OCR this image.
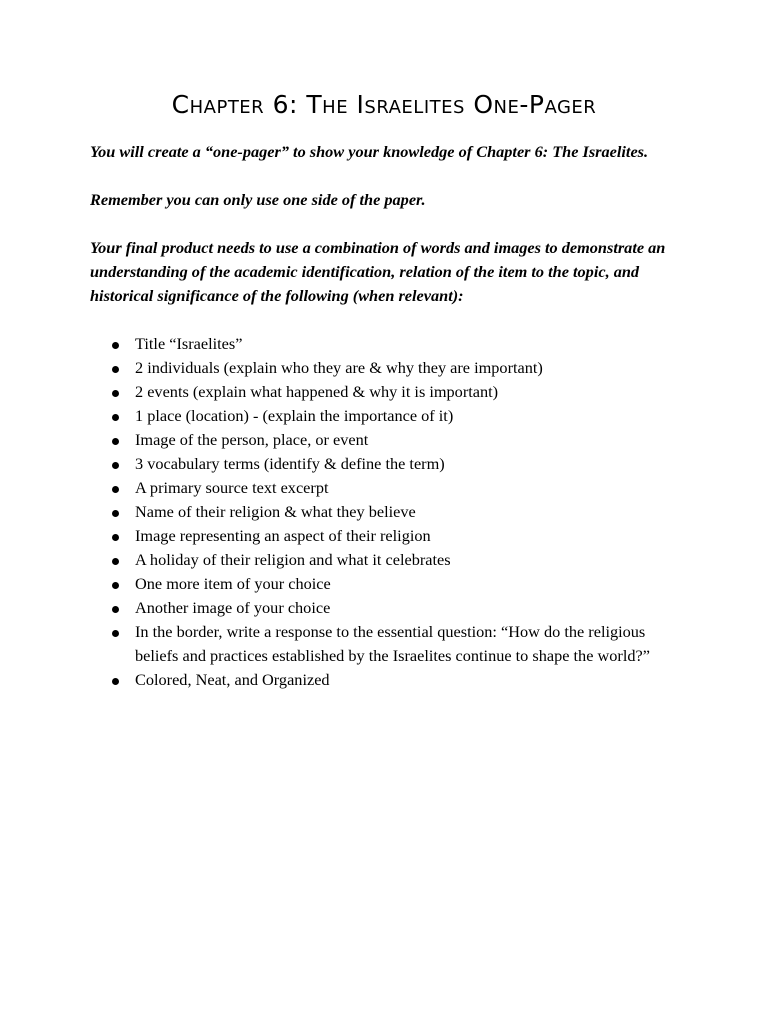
Chapter 6: The Israelites One-Pager

You will create a “one-pager” to show your knowledge of Chapter 6: The Israelites.

Remember you can only use one side of the paper.

Your final product needs to use a combination of words and images to demonstrate an understanding of the academic identification, relation of the item to the topic, and historical significance of the following (when relevant):

Title “Israelites”
2 individuals (explain who they are & why they are important)
2 events (explain what happened & why it is important)
1 place (location) - (explain the importance of it)
Image of the person, place, or event
3 vocabulary terms (identify & define the term)
A primary source text excerpt
Name of their religion & what they believe
Image representing an aspect of their religion
A holiday of their religion and what it celebrates
One more item of your choice
Another image of your choice
In the border, write a response to the essential question: “How do the religious beliefs and practices established by the Israelites continue to shape the world?”
Colored, Neat, and Organized
